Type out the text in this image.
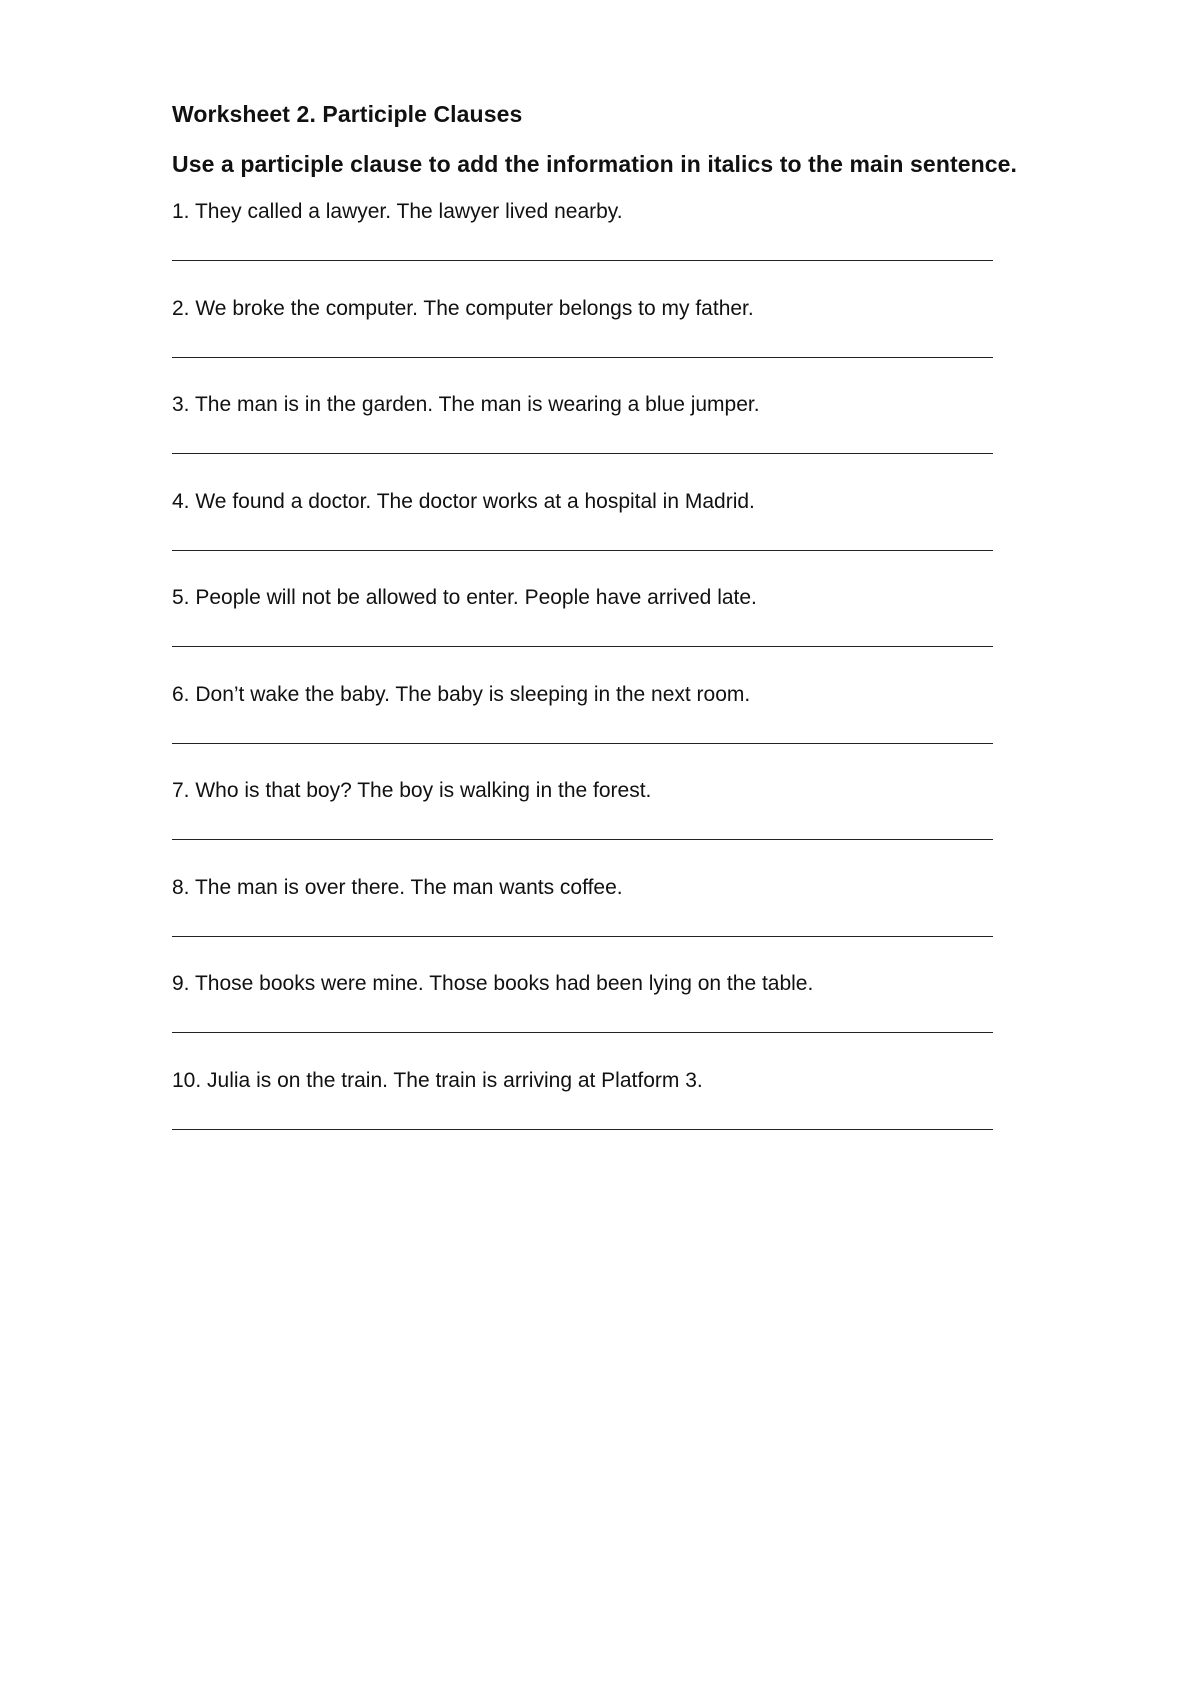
Worksheet 2. Participle Clauses

Use a participle clause to add the information in italics to the main sentence.

1. They called a lawyer. The lawyer lived nearby.
2. We broke the computer. The computer belongs to my father.
3. The man is in the garden. The man is wearing a blue jumper.
4. We found a doctor. The doctor works at a hospital in Madrid.
5. People will not be allowed to enter. People have arrived late.
6. Don’t wake the baby. The baby is sleeping in the next room.
7. Who is that boy? The boy is walking in the forest.
8. The man is over there. The man wants coffee.
9. Those books were mine. Those books had been lying on the table.
10. Julia is on the train. The train is arriving at Platform 3.
